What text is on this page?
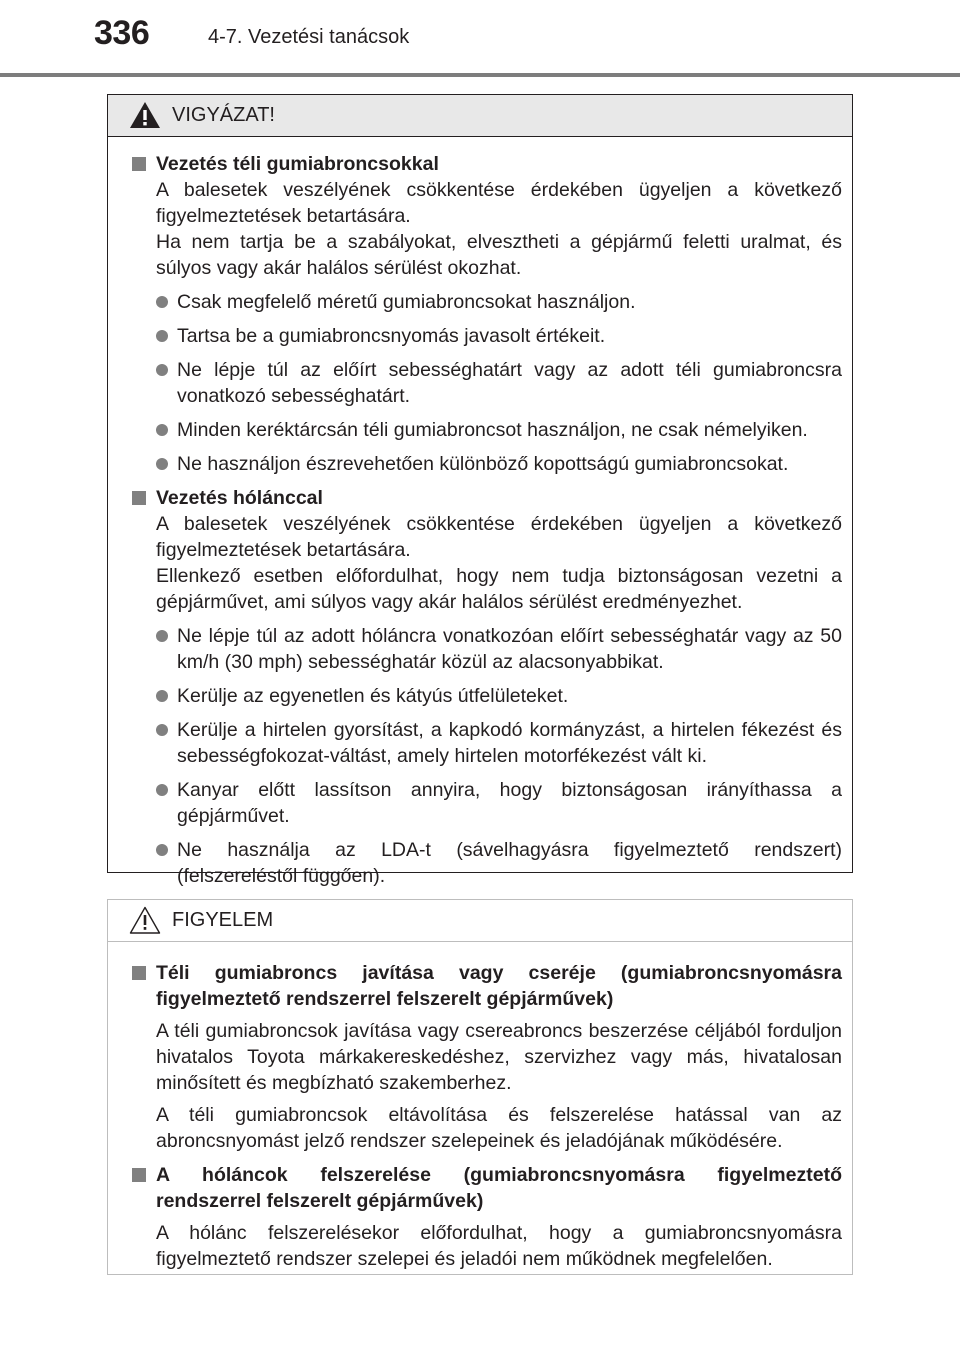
336	4-7. Vezetési tanácsok
VIGYÁZAT!
Vezetés téli gumiabroncsokkal

A balesetek veszélyének csökkentése érdekében ügyeljen a következő figyelmeztetések betartására.

Ha nem tartja be a szabályokat, elvesztheti a gépjármű feletti uralmat, és súlyos vagy akár halálos sérülést okozhat.

Csak megfelelő méretű gumiabroncsokat használjon.
Tartsa be a gumiabroncsnyomás javasolt értékeit.
Ne lépje túl az előírt sebességhatárt vagy az adott téli gumiabroncsra vonatkozó sebességhatárt.
Minden keréktárcsán téli gumiabroncsot használjon, ne csak némelyiken.
Ne használjon észrevehetően különböző kopottságú gumiabroncsokat.
Vezetés hólánccal

A balesetek veszélyének csökkentése érdekében ügyeljen a következő figyelmeztetések betartására.

Ellenkező esetben előfordulhat, hogy nem tudja biztonságosan vezetni a gépjárművet, ami súlyos vagy akár halálos sérülést eredményezhet.

Ne lépje túl az adott hóláncra vonatkozóan előírt sebességhatár vagy az 50 km/h (30 mph) sebességhatár közül az alacsonyabbikat.
Kerülje az egyenetlen és kátyús útfelületeket.
Kerülje a hirtelen gyorsítást, a kapkodó kormányzást, a hirtelen fékezést és sebességfokozat-váltást, amely hirtelen motorfékezést vált ki.
Kanyar előtt lassítson annyira, hogy biztonságosan irányíthassa a gépjárművet.
Ne használja az LDA-t (sávelhagyásra figyelmeztető rendszert) (felszereléstől függően).
FIGYELEM
Téli gumiabroncs javítása vagy cseréje (gumiabroncsnyomásra figyelmeztető rendszerrel felszerelt gépjárművek)

A téli gumiabroncsok javítása vagy csereabroncs beszerzése céljából forduljon hivatalos Toyota márkakereskedéshez, szervizhez vagy más, hivatalosan minősített és megbízható szakemberhez.

A téli gumiabroncsok eltávolítása és felszerelése hatással van az abroncsnyomást jelző rendszer szelepeinek és jeladójának működésére.

A hóláncok felszerelése (gumiabroncsnyomásra figyelmeztető rendszerrel felszerelt gépjárművek)

A hólánc felszerelésekor előfordulhat, hogy a gumiabroncsnyomásra figyelmeztető rendszer szelepei és jeladói nem működnek megfelelően.
